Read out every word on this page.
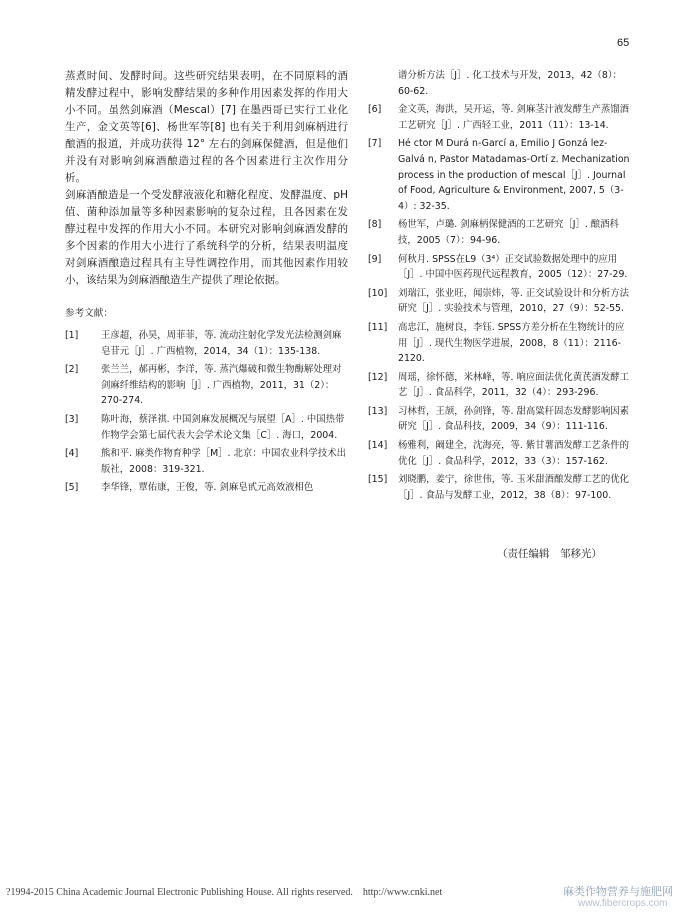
65

蒸煮时间、发酵时间。这些研究结果表明，在不同原料的酒精发酵过程中，影响发酵结果的多种作用因素发挥的作用大小不同。虽然剑麻酒（Mescal）[7] 在墨西哥已实行工业化生产，金文英等[6]、杨世军等[8] 也有关于利用剑麻柄进行酿酒的报道，并成功获得 12° 左右的剑麻保健酒，但是他们并没有对影响剑麻酒酿造过程的各个因素进行主次作用分析。

剑麻酒酿造是一个受发酵液液化和糖化程度、发酵温度、pH 值、菌种添加量等多种因素影响的复杂过程，且各因素在发酵过程中发挥的作用大小不同。本研究对影响剑麻酒发酵的多个因素的作用大小进行了系统科学的分析，结果表明温度对剑麻酒酿造过程具有主导性调控作用，而其他因素作用较小，该结果为剑麻酒酿造生产提供了理论依据。

参考文献：
[1] 王彦超，孙昊，周菲菲，等. 流动注射化学发光法检测剑麻皂苷元［J］. 广西植物，2014，34（1）：135-138.
[2] 张兰兰，郝再彬，李洋，等. 蒸汽爆破和微生物酶解处理对剑麻纤维结构的影响［J］. 广西植物，2011，31（2）：270-274.
[3] 陈叶海，蔡泽祺. 中国剑麻发展概况与展望［A］. 中国热带作物学会第七届代表大会学术论文集［C］. 海口，2004.
[4] 熊和平. 麻类作物育种学［M］. 北京：中国农业科学技术出版社，2008：319-321.
[5] 李华锋，覃佑康，王俊，等. 剑麻皂甙元高效液相色
谱分析方法［J］. 化工技术与开发，2013，42（8）：60-62.
[6] 金文英，海洪，吴开运，等. 剑麻茎汁液发酵生产蒸馏酒工艺研究［J］. 广西轻工业，2011（11）：13-14.
[7] Hé ctor M Durá n-Garcí a, Emilio J Gonzá lez-Galvá n, Pastor Matadamas-Ortí z. Mechanization process in the production of mescal［J］. Journal of Food, Agriculture & Environment, 2007, 5（3-4）: 32-35.
[8] 杨世军，卢璐. 剑麻柄保健酒的工艺研究［J］. 酿酒科技，2005（7）：94-96.
[9] 何秋月. SPSS在L9（3⁴）正交试验数据处理中的应用［J］. 中国中医药现代远程教育，2005（12）：27-29.
[10] 刘瑞江，张业旺，闻崇炜，等. 正交试验设计和分析方法研究［J］. 实验技术与管理，2010，27（9）：52-55.
[11] 高忠江，施树良，李钰. SPSS方差分析在生物统计的应用［J］. 现代生物医学进展，2008，8（11）：2116-2120.
[12] 周瑶，徐怀德，米林峰，等. 响应面法优化黄芪酒发酵工艺［J］. 食品科学，2011，32（4）：293-296.
[13] 习林哲，王颉，孙剑锋，等. 甜高粱秆固态发酵影响因素研究［J］. 食品科技，2009，34（9）：111-116.
[14] 杨雅利，阚建全，沈海亮，等. 紫甘薯酒发酵工艺条件的优化［J］. 食品科学，2012，33（3）：157-162.
[15] 刘晓鹏，姜宁，徐世伟，等. 玉米甜酒酿发酵工艺的优化［J］. 食品与发酵工业，2012，38（8）：97-100.
（责任编辑　邹移光）
?1994-2015 China Academic Journal Electronic Publishing House. All rights reserved.　http://www.cnki.net	麻类作物营养与施肥网
www.fibercrops.com
